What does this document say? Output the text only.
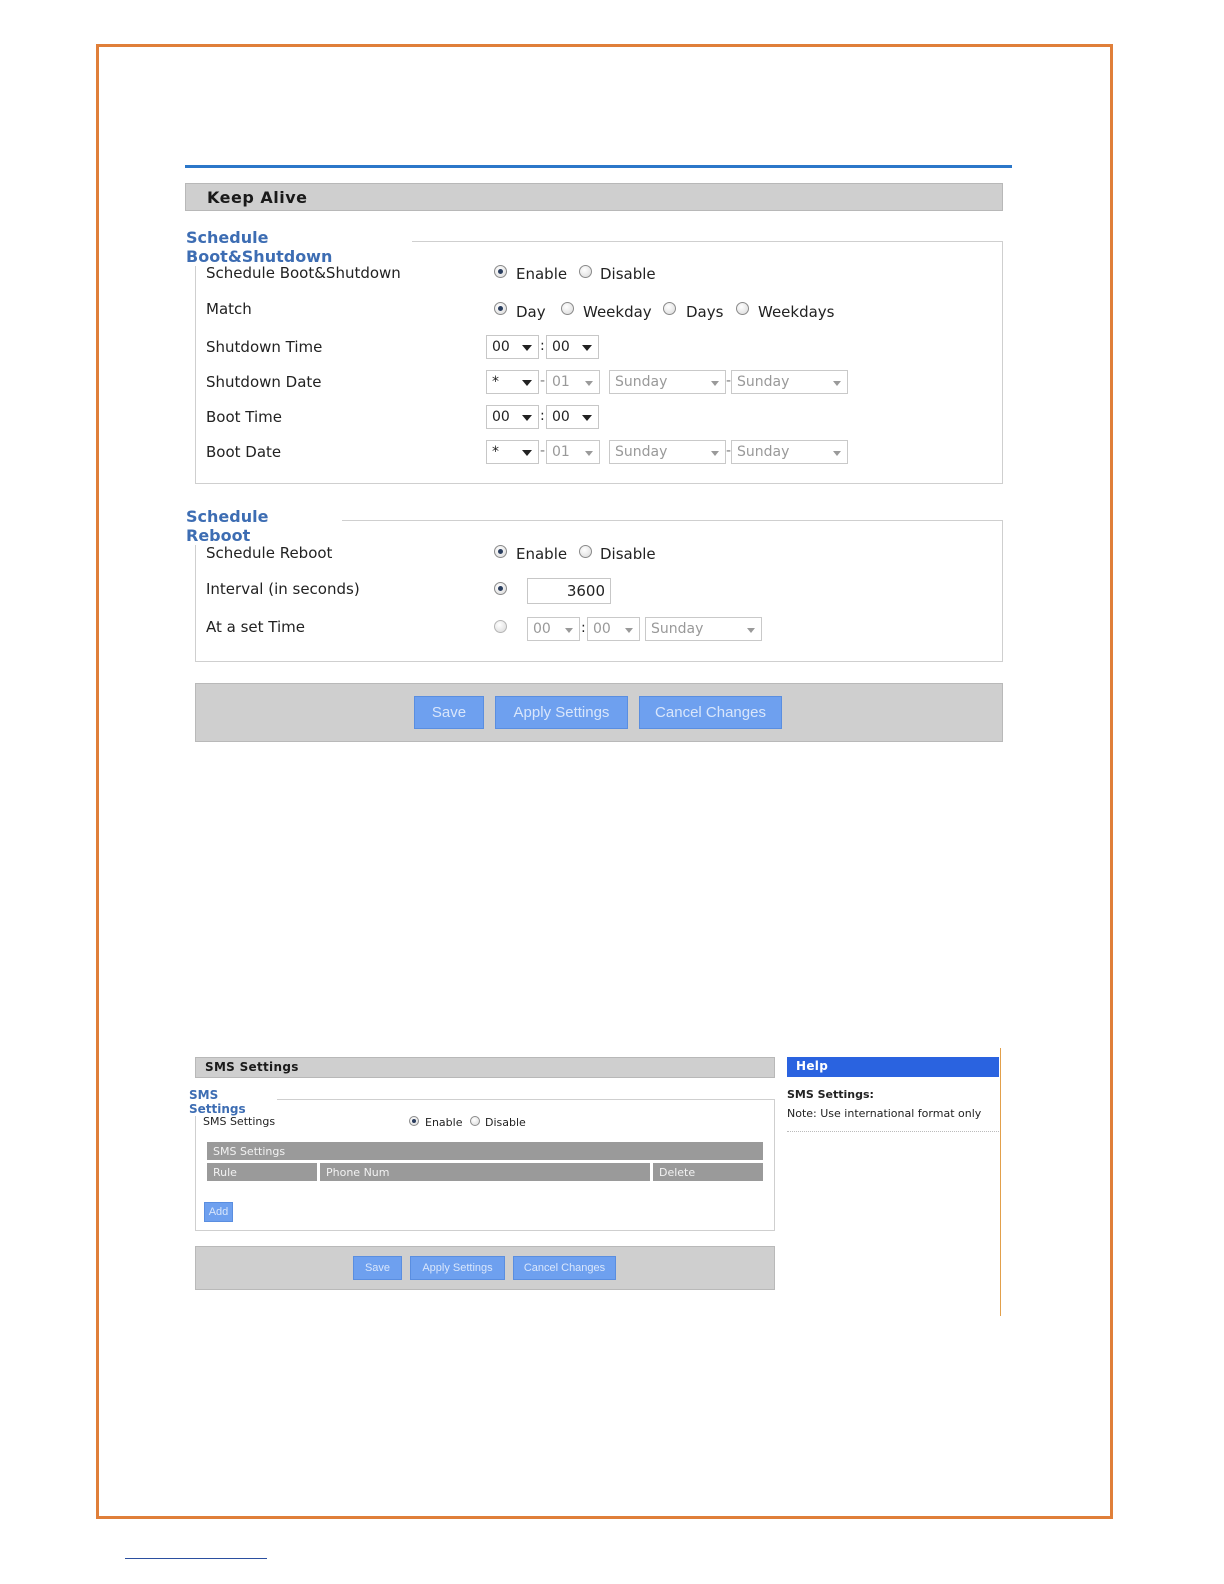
Keep Alive
Schedule Boot&Shutdown
Schedule Boot&Shutdown	Enable Disable
Match	Day Weekday Days Weekdays
Shutdown Time	00 : 00
Shutdown Date	*	- 01	Sunday	- Sunday
Boot Time	00 : 00
Boot Date	*	- 01	Sunday	- Sunday
Schedule Reboot
Schedule Reboot	Enable Disable
Interval (in seconds)	3600
At a set Time	00 : 00	Sunday
Save	Apply Settings	Cancel Changes
SMS Settings
SMS Settings
SMS Settings	Enable Disable
SMS Settings
Rule	Phone Num	Delete
Add
Save	Apply Settings	Cancel Changes
Help
SMS Settings:
Note: Use international format only
